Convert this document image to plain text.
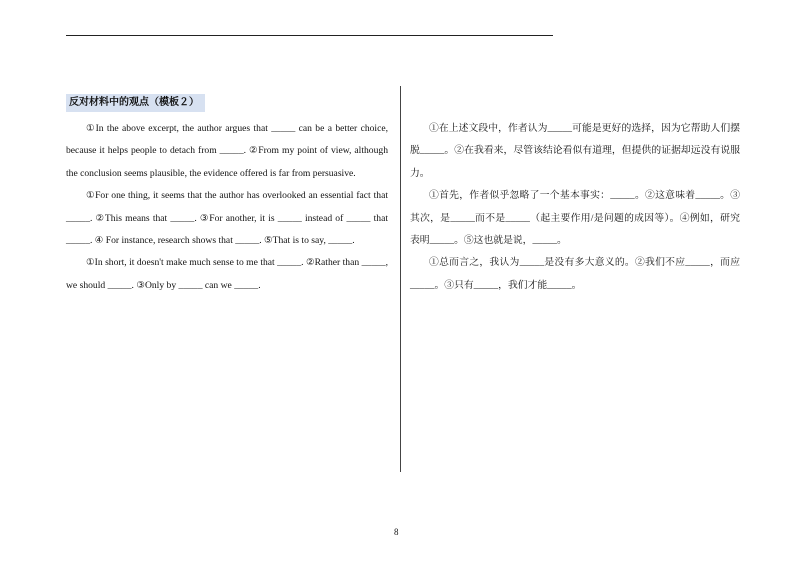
反对材料中的观点（模板２）

①In the above excerpt, the author argues that _____ can be a better choice, because it helps people to detach from _____. ②From my point of view, although the conclusion seems plausible, the evidence offered is far from persuasive.

①For one thing, it seems that the author has overlooked an essential fact that _____. ②This means that _____. ③For another, it is _____ instead of _____ that _____. ④ For instance, research shows that _____. ⑤That is to say, _____.

①In short, it doesn't make much sense to me that _____. ②Rather than _____, we should _____. ③Only by _____ can we _____.

①在上述文段中，作者认为_____可能是更好的选择，因为它帮助人们摆脱_____。②在我看来，尽管该结论看似有道理，但提供的证据却远没有说服力。

①首先，作者似乎忽略了一个基本事实：_____。②这意味着_____。③其次，是_____而不是_____（起主要作用/是问题的成因等）。④例如，研究表明_____。⑤这也就是说，_____。

①总而言之，我认为_____是没有多大意义的。②我们不应_____，而应_____。③只有_____，我们才能_____。

8
